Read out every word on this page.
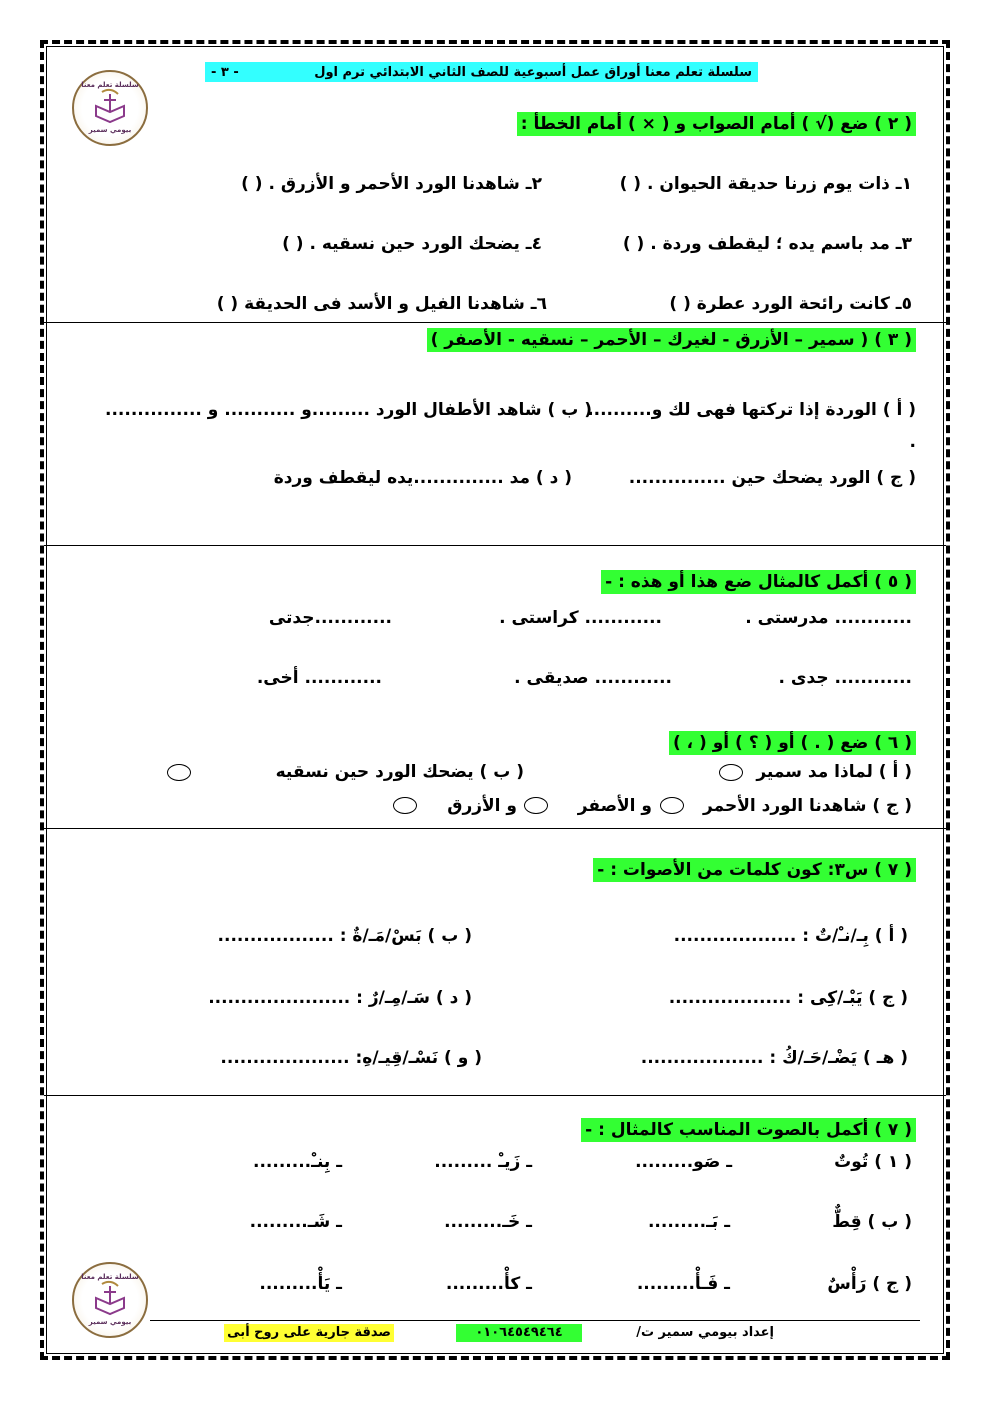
سلسلة تعلم معنا أوراق عمل أسبوعية للصف الثاني الابتدائي ترم اول
- ٣ -
سلسلة تعلم معنا
بيومي سمير	( ٢ ) ضع (√ ) أمام الصواب و ( × ) أمام الخطأ :
١ـ ذات يوم زرنا حديقة الحيوان . ( )
٢ـ شاهدنا الورد الأحمر و الأزرق . ( )
٣ـ مد باسم يده ؛ ليقطف وردة . ( )
٤ـ يضحك الورد حين نسقيه . ( )
٥ـ كانت رائحة الورد عطرة ( )
٦ـ شاهدنا الفيل و الأسد فى الحديقة ( )
( ٣ ) ( سمير – الأزرق - لغيرك – الأحمر – نسقيه - الأصفر )
( أ ) الوردة إذا تركتها فهى لك و..........
( ب ) شاهد الأطفال الورد .........و ........... و ...............
.
( ج ) الورد يضحك حين ...............
( د ) مد ..............يده ليقطف وردة
( ٥ ) أكمل كالمثال ضع هذا أو هذه : -
............ مدرستى .
............ كراستى .
............جدتى
............ جدى .
............ صديقى .
............ أخى.
( ٦ ) ضع ( . ) أو ( ؟ ) أو ( ، )
( أ ) لماذا مد سمير
( ب ) يضحك الورد حين نسقيه
( ج ) شاهدنا الورد الأحمر
و الأصفر
و الأزرق
( ٧ ) س٣: كون كلمات من الأصوات : -
( أ ) بِـ/نـْ/تٌ : ...................
( ب ) بَسْ/مَـ/ةٌ : ..................
( ج ) يَبْـ/كِى : ...................
( د ) سَـ/مِـ/رٌ : ......................
( هـ ) يَضْـ/حَـ/كُ : ...................
( و ) نَسْـ/قِيـ/هِ: ....................
( ٧ ) أكمل بالصوت المناسب كالمثال : -
( ١ ) تُوتٌ
ـ صَو.........
ـ زَيـْ .........
ـ بِنـْ.........
( ب ) قِطٌّ
ـ بَـ.........
ـ خَـ.........
ـ شَـ.........
( ج ) رَأْسٌ
ـ فَـأْ.........
ـ كأْ.........
ـ يَأْ.........
سلسلة تعلم معنا
بيومي سمير
إعداد بيومي سمير ت/
٠١٠٦٤٥٤٩٤٦٤
صدقة جارية على روح أبى
